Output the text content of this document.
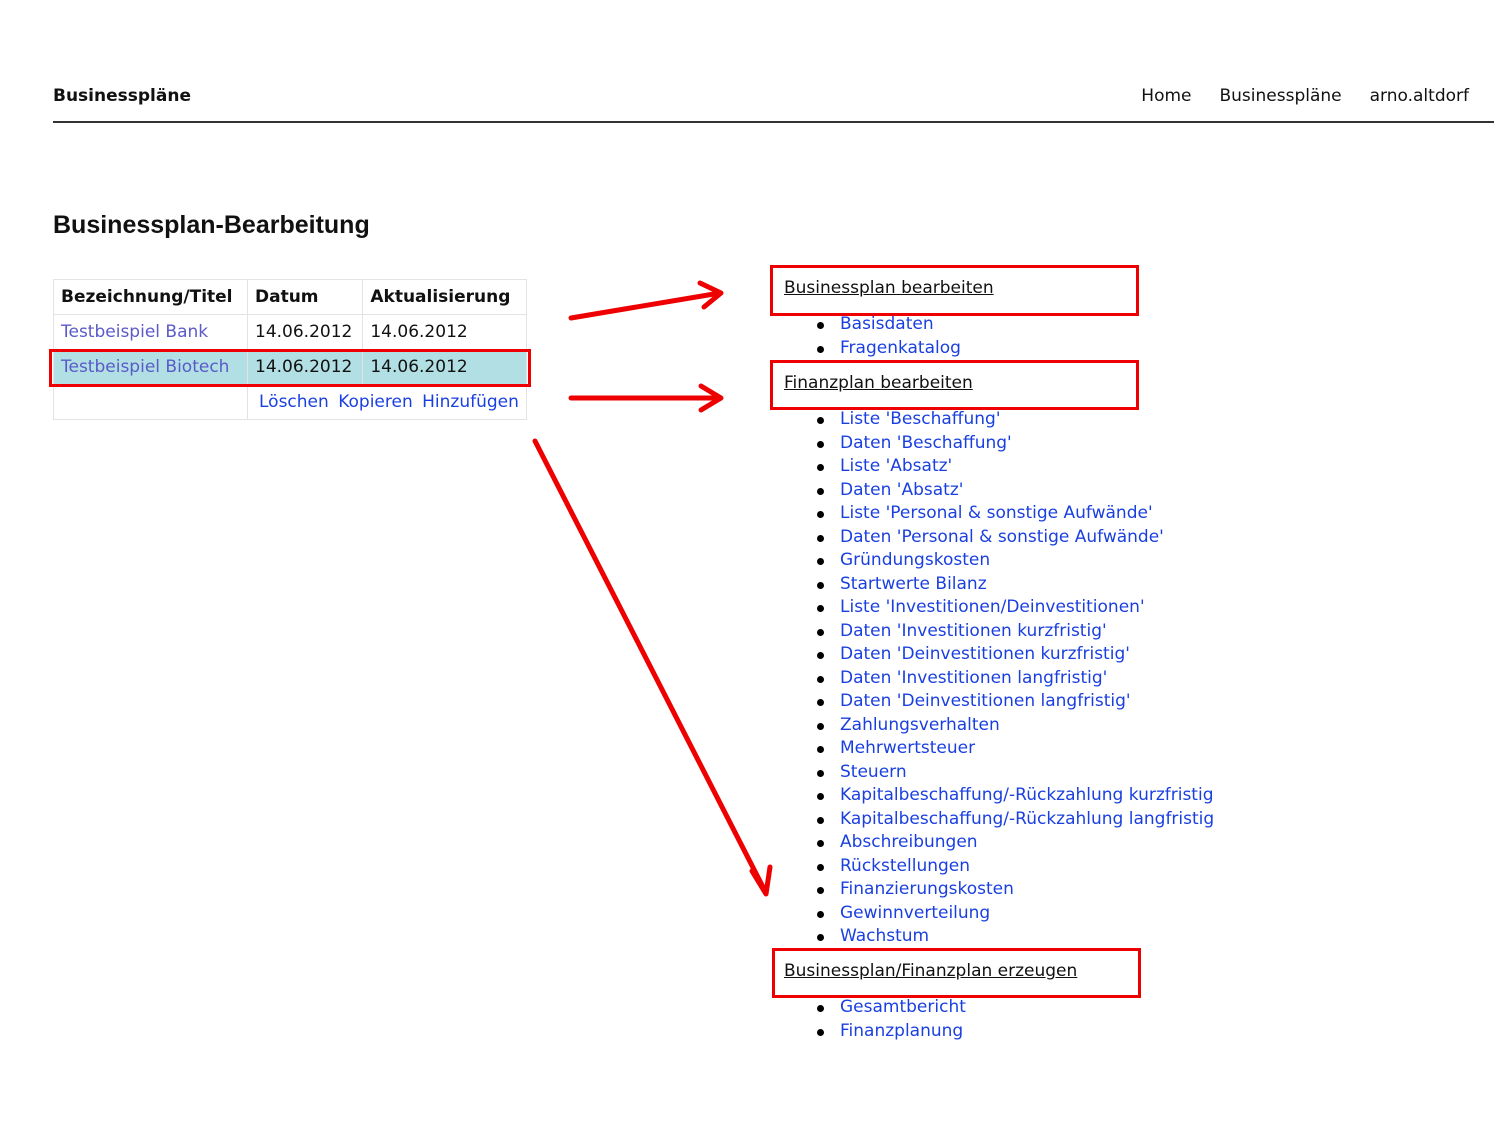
Businesspläne	Home Businesspläne arno.altdorf
Businessplan-Bearbeitung
Bezeichnung/Titel	Datum	Aktualisierung
Testbeispiel Bank	14.06.2012	14.06.2012
Testbeispiel Biotech	14.06.2012	14.06.2012
	Löschen Kopieren Hinzufügen	
Businessplan bearbeiten
Basisdaten
Fragenkatalog
Finanzplan bearbeiten
Liste 'Beschaffung'
Daten 'Beschaffung'
Liste 'Absatz'
Daten 'Absatz'
Liste 'Personal & sonstige Aufwände'
Daten 'Personal & sonstige Aufwände'
Gründungskosten
Startwerte Bilanz
Liste 'Investitionen/Deinvestitionen'
Daten 'Investitionen kurzfristig'
Daten 'Deinvestitionen kurzfristig'
Daten 'Investitionen langfristig'
Daten 'Deinvestitionen langfristig'
Zahlungsverhalten
Mehrwertsteuer
Steuern
Kapitalbeschaffung/-Rückzahlung kurzfristig
Kapitalbeschaffung/-Rückzahlung langfristig
Abschreibungen
Rückstellungen
Finanzierungskosten
Gewinnverteilung
Wachstum
Businessplan/Finanzplan erzeugen
Gesamtbericht
Finanzplanung
